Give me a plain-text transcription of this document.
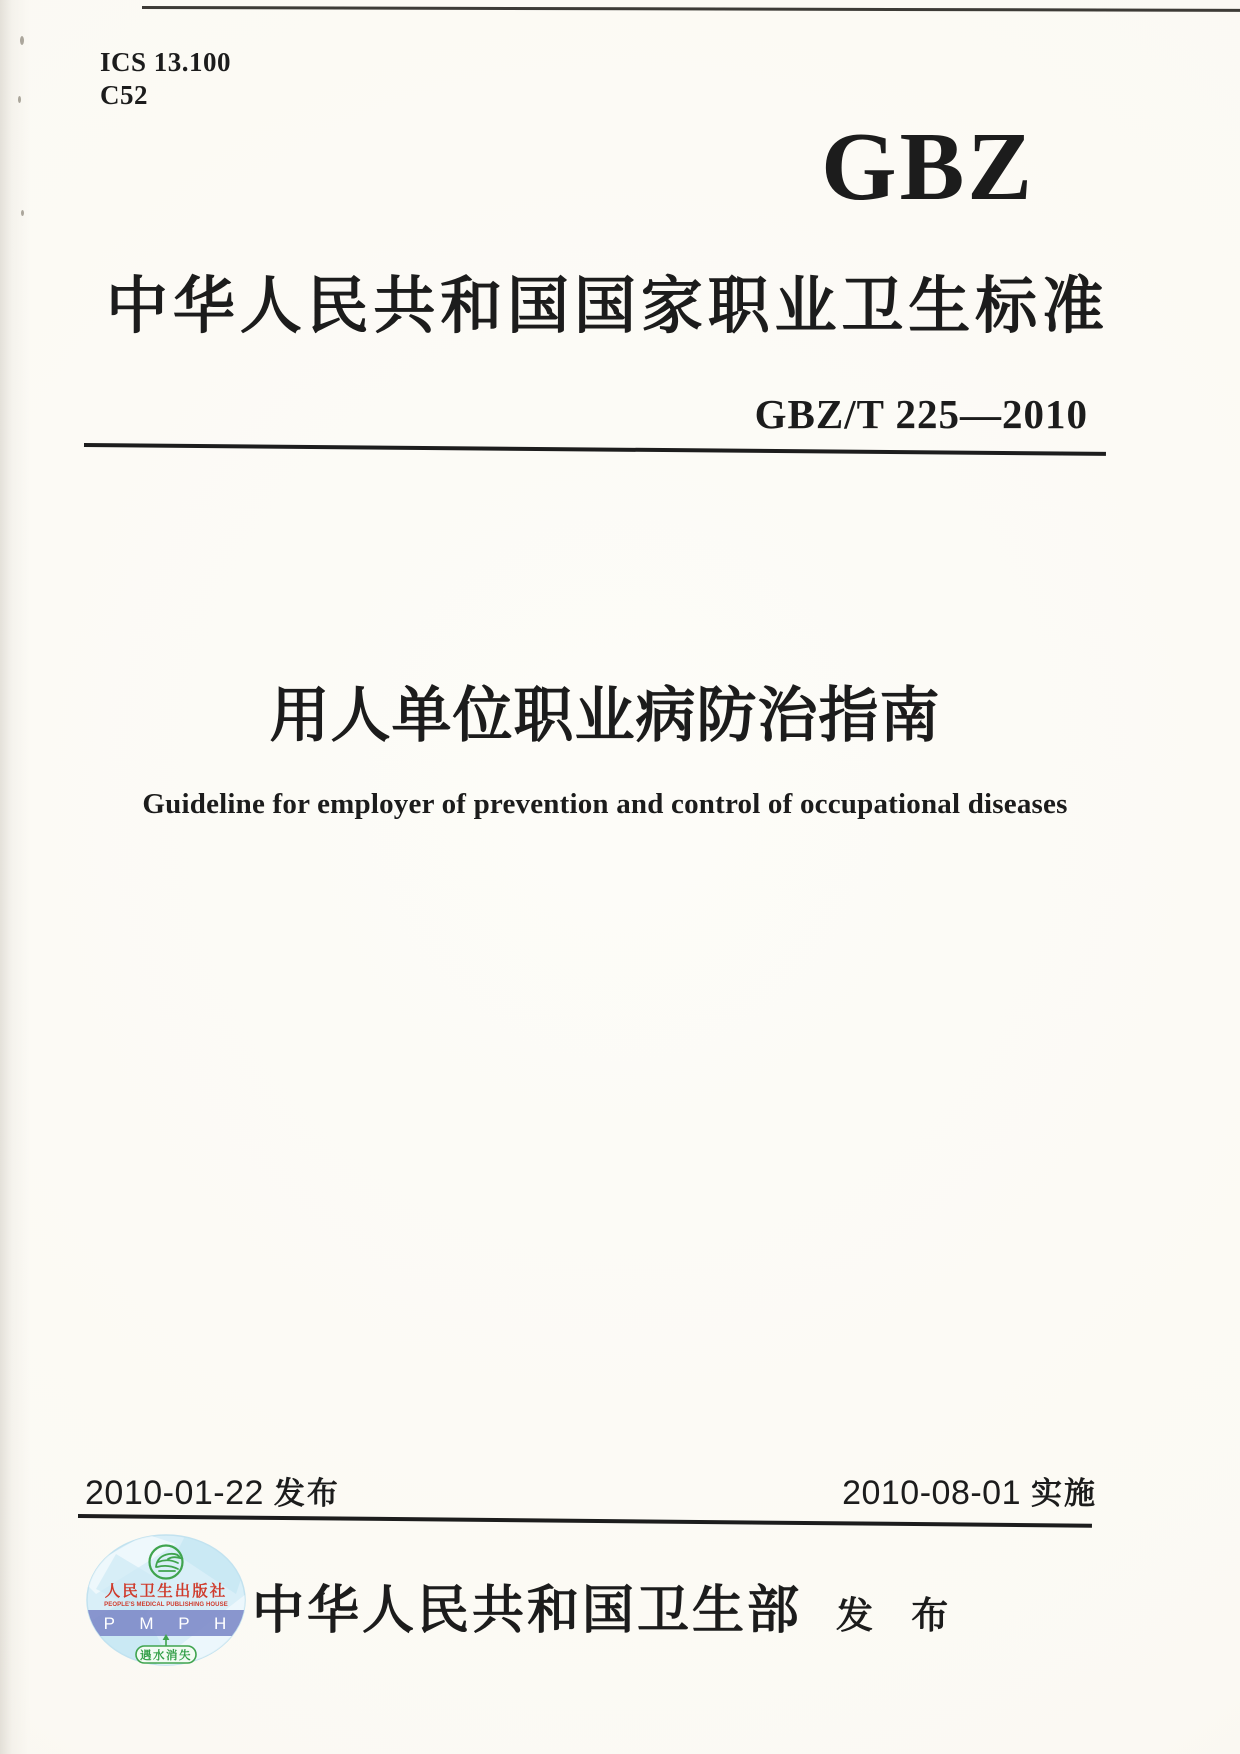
ICS 13.100
C52
GBZ
中华人民共和国国家职业卫生标准
GBZ/T 225—2010
用人单位职业病防治指南
Guideline for employer of prevention and control of occupational diseases
2010-01-22 发布	2010-08-01 实施
人民卫生出版社
PEOPLE'S MEDICAL PUBLISHING HOUSE
P M P H
遇水消失
中华人民共和国卫生部 发 布
